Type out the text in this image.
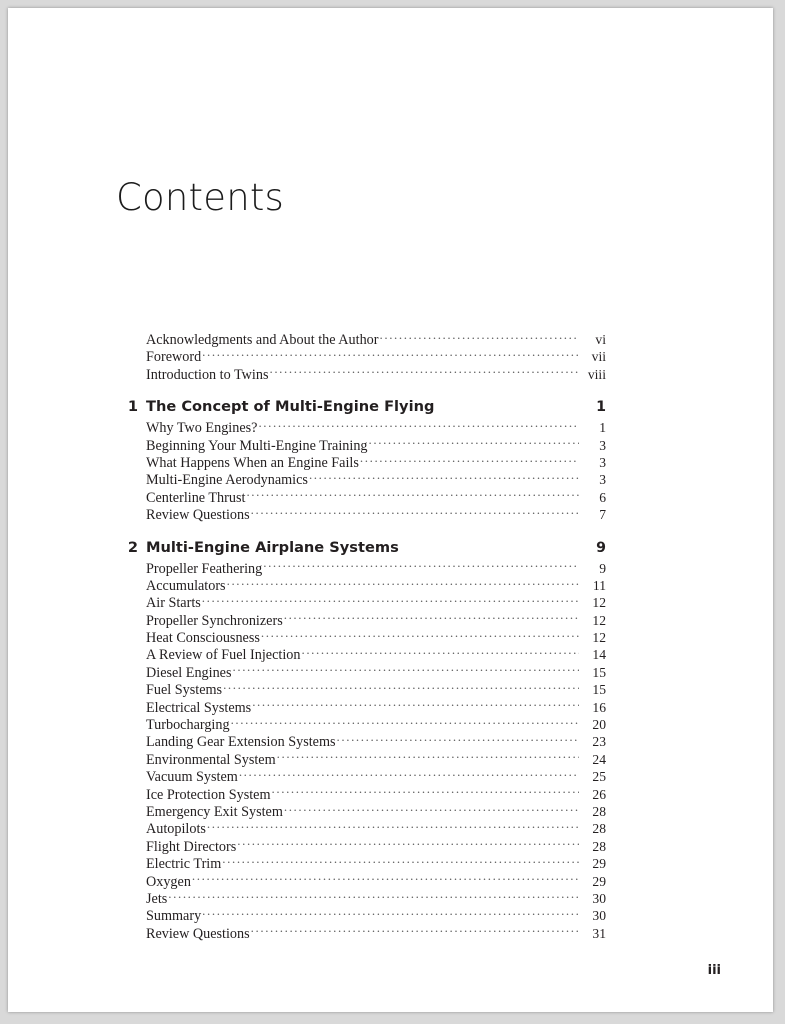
Contents
Acknowledgments and About the Author .....	vi
Foreword .....	vii
Introduction to Twins .....	viii
1 The Concept of Multi-Engine Flying	1
Why Two Engines? .....	1
Beginning Your Multi-Engine Training .....	3
What Happens When an Engine Fails .....	3
Multi-Engine Aerodynamics .....	3
Centerline Thrust .....	6
Review Questions .....	7
2 Multi-Engine Airplane Systems	9
Propeller Feathering .....	9
Accumulators .....	11
Air Starts .....	12
Propeller Synchronizers .....	12
Heat Consciousness .....	12
A Review of Fuel Injection .....	14
Diesel Engines .....	15
Fuel Systems .....	15
Electrical Systems .....	16
Turbocharging .....	20
Landing Gear Extension Systems .....	23
Environmental System .....	24
Vacuum System .....	25
Ice Protection System .....	26
Emergency Exit System .....	28
Autopilots .....	28
Flight Directors .....	28
Electric Trim .....	29
Oxygen .....	29
Jets .....	30
Summary .....	30
Review Questions .....	31
iii
